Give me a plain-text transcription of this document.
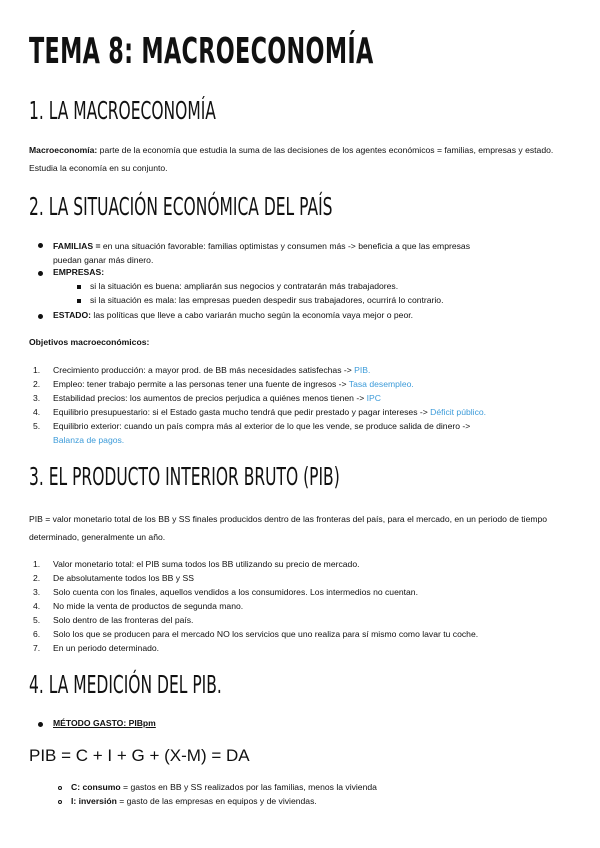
TEMA 8: MACROECONOMÍA
1. LA MACROECONOMÍA

Macroeconomía: parte de la economía que estudia la suma de las decisiones de los agentes económicos = familias, empresas y estado. Estudia la economía en su conjunto.

2. LA SITUACIÓN ECONÓMICA DEL PAÍS
FAMILIAS = en una situación favorable: familias optimistas y consumen más -> beneficia a que las empresas
puedan ganar más dinero.
EMPRESAS:
si la situación es buena: ampliarán sus negocios y contratarán más trabajadores.
si la situación es mala: las empresas pueden despedir sus trabajadores, ocurrirá lo contrario.
ESTADO: las políticas que lleve a cabo variarán mucho según la economía vaya mejor o peor.
Objetivos macroeconómicos:
1.	Crecimiento producción: a mayor prod. de BB más necesidades satisfechas -> PIB.
2.	Empleo: tener trabajo permite a las personas tener una fuente de ingresos -> Tasa desempleo.
3.	Estabilidad precios: los aumentos de precios perjudica a quiénes menos tienen -> IPC
4.	Equilibrio presupuestario: si el Estado gasta mucho tendrá que pedir prestado y pagar intereses -> Déficit público.
5.	Equilibrio exterior: cuando un país compra más al exterior de lo que les vende, se produce salida de dinero ->
Balanza de pagos.
3. EL PRODUCTO INTERIOR BRUTO (PIB)

PIB = valor monetario total de los BB y SS finales producidos dentro de las fronteras del país, para el mercado, en un periodo de tiempo determinado, generalmente un año.

1.	Valor monetario total: el PIB suma todos los BB utilizando su precio de mercado.
2.	De absolutamente todos los BB y SS
3.	Solo cuenta con los finales, aquellos vendidos a los consumidores. Los intermedios no cuentan.
4.	No mide la venta de productos de segunda mano.
5.	Solo dentro de las fronteras del país.
6.	Solo los que se producen para el mercado NO los servicios que uno realiza para sí mismo como lavar tu coche.
7.	En un periodo determinado.
4. LA MEDICIÓN DEL PIB.
MÉTODO GASTO: PIBpm
PIB = C + I + G + (X-M) = DA
C: consumo = gastos en BB y SS realizados por las familias, menos la vivienda
I: inversión = gasto de las empresas en equipos y de viviendas.
